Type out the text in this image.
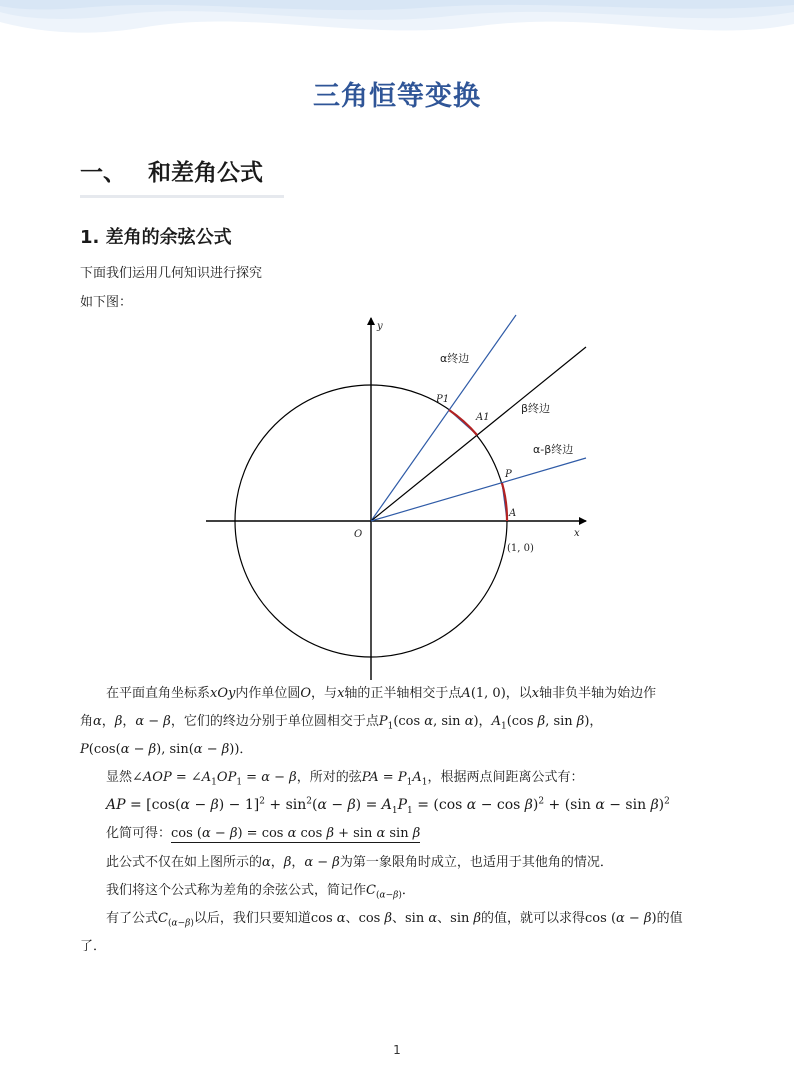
三角恒等变换
一、 和差角公式
1. 差角的余弦公式
下面我们运用几何知识进行探究
如下图：
y
x
O
P1
A1
P
A
(1, 0)
α终边
β终边
α-β终边
在平面直角坐标系xOy内作单位圆O，与x轴的正半轴相交于点A(1, 0)，以x轴非负半轴为始边作
角α，β，α − β，它们的终边分别于单位圆相交于点$P_1(\cos$ α, sin α)，$A_1(\cos$ β, sin β)，
P(cos(α − β), sin(α − β))．
显然∠AOP = $\angle A_1OP_1 = \alpha - \beta$，所对的弦PA = $P_1A_1$，根据两点间距离公式有：
AP = $[\cos(\alpha - \beta) - 1]^2 + \sin^2(\alpha - \beta) = A_1P_1 = (\cos$ α − cos β)$^2$ + (sin α − sin β)$^2$
化简可得：cos (α − β) = cos α cos β + sin α sin β
此公式不仅在如上图所示的α，β，α − β为第一象限角时成立，也适用于其他角的情况．
我们将这个公式称为差角的余弦公式，简记作$C_{(\alpha-\beta)}$．
有了公式$C_{(\alpha-\beta)}$以后，我们只要知道cos α、cos β、sin α、sin β的值，就可以求得cos (α − β)的值
了．
1
